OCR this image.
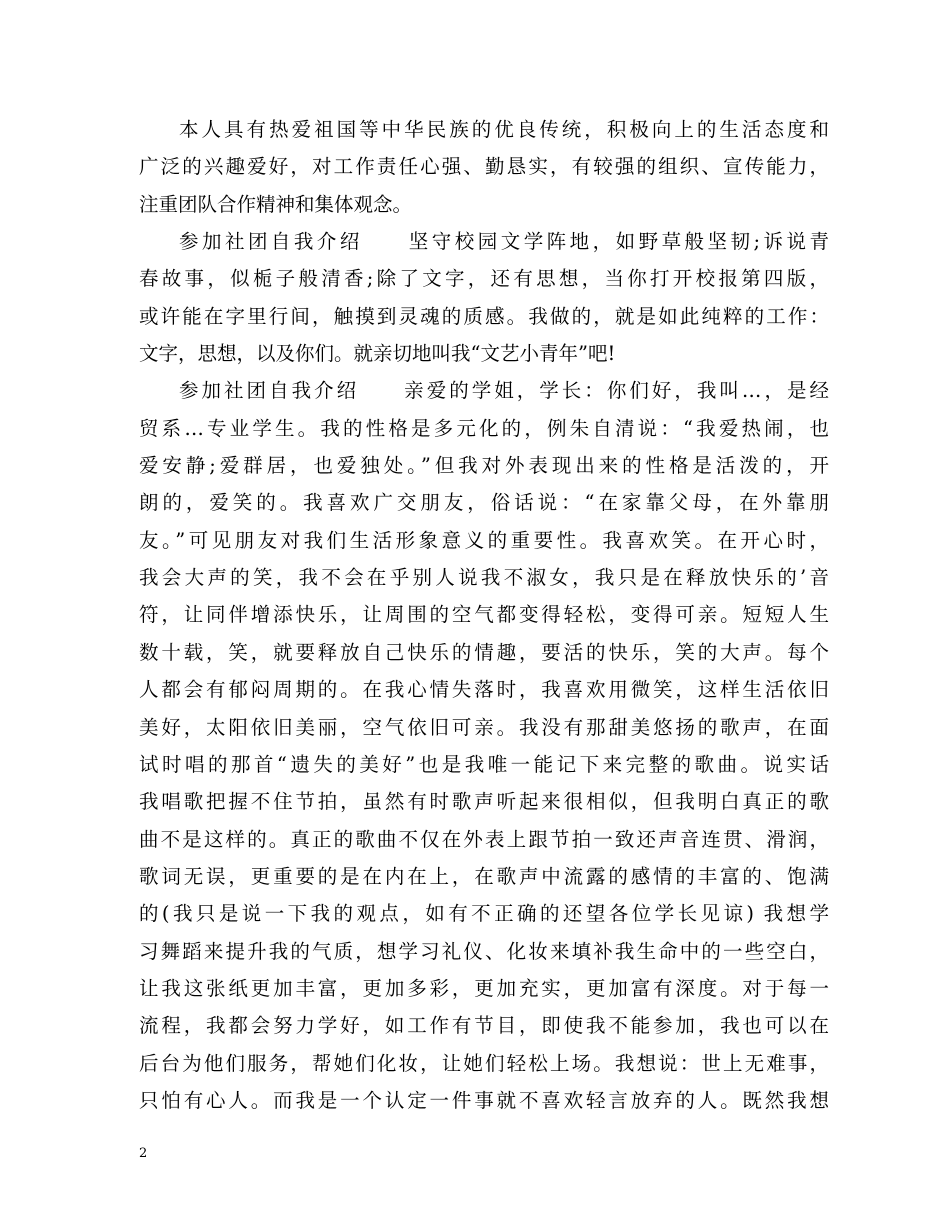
本人具有热爱祖国等中华民族的优良传统，积极向上的生活态度和
广泛的兴趣爱好，对工作责任心强、勤恳实，有较强的组织、宣传能力，
注重团队合作精神和集体观念。
参加社团自我介绍　　坚守校园文学阵地，如野草般坚韧;诉说青
春故事，似栀子般清香;除了文字，还有思想，当你打开校报第四版，
或许能在字里行间，触摸到灵魂的质感。我做的，就是如此纯粹的工作：
文字，思想，以及你们。就亲切地叫我“文艺小青年”吧!
参加社团自我介绍　　亲爱的学姐，学长：你们好，我叫…，是经
贸系…专业学生。我的性格是多元化的，例朱自清说：“我爱热闹，也
爱安静;爱群居，也爱独处。”但我对外表现出来的性格是活泼的，开
朗的，爱笑的。我喜欢广交朋友，俗话说：“在家靠父母，在外靠朋
友。”可见朋友对我们生活形象意义的重要性。我喜欢笑。在开心时，
我会大声的笑，我不会在乎别人说我不淑女，我只是在释放快乐的’音
符，让同伴增添快乐，让周围的空气都变得轻松，变得可亲。短短人生
数十载，笑，就要释放自己快乐的情趣，要活的快乐，笑的大声。每个
人都会有郁闷周期的。在我心情失落时，我喜欢用微笑，这样生活依旧
美好，太阳依旧美丽，空气依旧可亲。我没有那甜美悠扬的歌声，在面
试时唱的那首“遗失的美好”也是我唯一能记下来完整的歌曲。说实话
我唱歌把握不住节拍，虽然有时歌声听起来很相似，但我明白真正的歌
曲不是这样的。真正的歌曲不仅在外表上跟节拍一致还声音连贯、滑润，
歌词无误，更重要的是在内在上，在歌声中流露的感情的丰富的、饱满
的(我只是说一下我的观点，如有不正确的还望各位学长见谅) 我想学
习舞蹈来提升我的气质，想学习礼仪、化妆来填补我生命中的一些空白，
让我这张纸更加丰富，更加多彩，更加充实，更加富有深度。对于每一
流程，我都会努力学好，如工作有节目，即使我不能参加，我也可以在
后台为他们服务，帮她们化妆，让她们轻松上场。我想说：世上无难事，
只怕有心人。而我是一个认定一件事就不喜欢轻言放弃的人。既然我想
2
